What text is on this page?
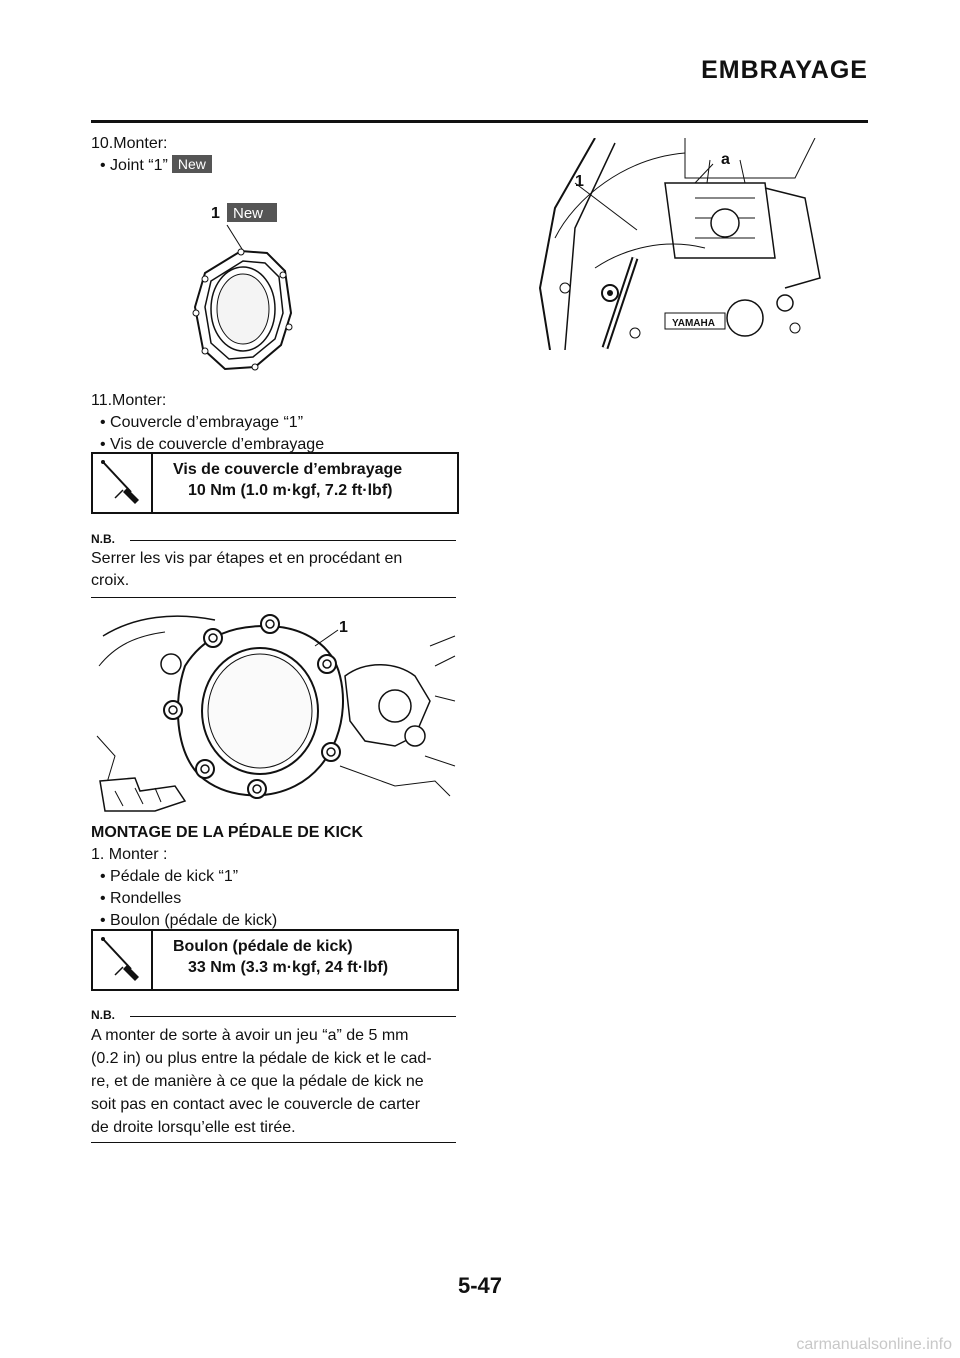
EMBRAYAGE
10.Monter:
• Joint “1” New
1 New
11.Monter:
• Couvercle d’embrayage “1”
• Vis de couvercle d’embrayage
Vis de couvercle d’embrayage
10 Nm (1.0 m·kgf, 7.2 ft·lbf)
N.B.
Serrer les vis par étapes et en procédant en
croix.
1
MONTAGE DE LA PÉDALE DE KICK
1. Monter :
• Pédale de kick “1”
• Rondelles
• Boulon (pédale de kick)
Boulon (pédale de kick)
33 Nm (3.3 m·kgf, 24 ft·lbf)
N.B.
A monter de sorte à avoir un jeu “a” de 5 mm
(0.2 in) ou plus entre la pédale de kick et le cad-
re, et de manière à ce que la pédale de kick ne
soit pas en contact avec le couvercle de carter
de droite lorsqu’elle est tirée.
YAMAHA
1
a
5-47
carmanualsonline.info
